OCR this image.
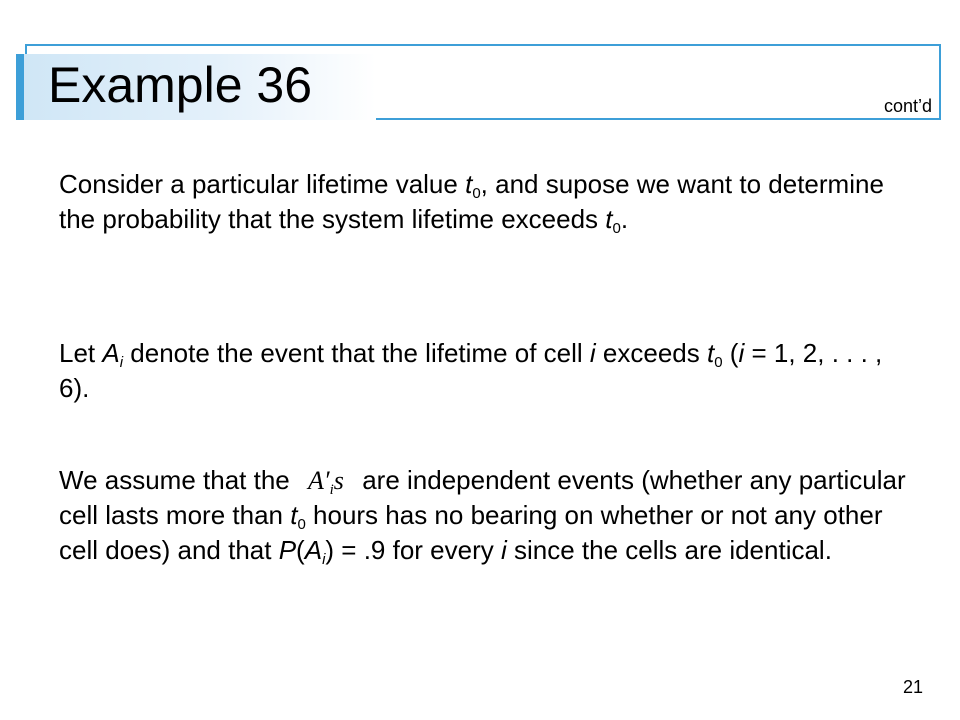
Example 36	cont’d

Consider a particular lifetime value $t_0$, and supose we want to determine the probability that the system lifetime exceeds $t_0$.

Let $A_i$ denote the event that the lifetime of cell i exceeds $t_0$ (i = 1, 2, . . . , 6).

We assume that the $A'_is$ are independent events (whether any particular cell lasts more than $t_0$ hours has no bearing on whether or not any other cell does) and that $P(A_i) = .9$ for every i since the cells are identical.

21
